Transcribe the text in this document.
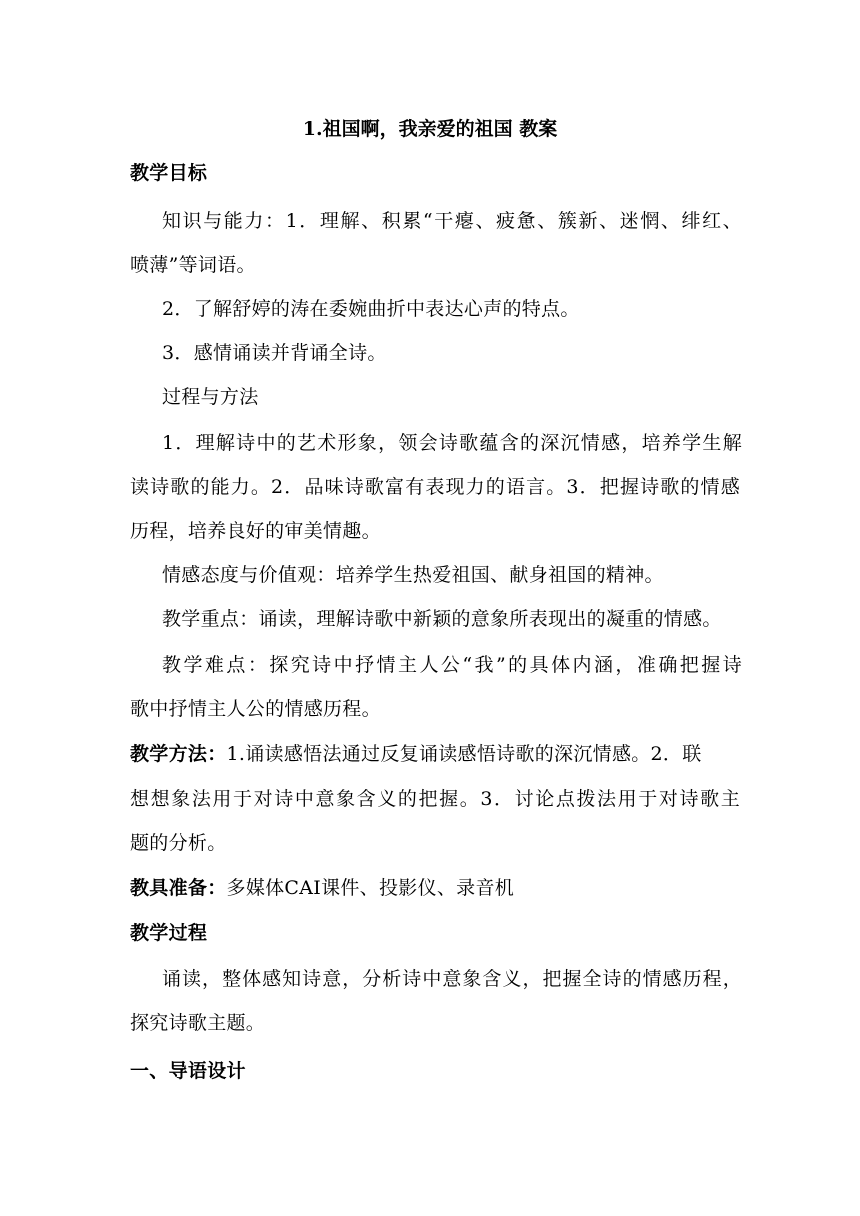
1.祖国啊，我亲爱的祖国 教案
教学目标
知识与能力：1．理解、积累“干瘪、疲惫、簇新、迷惘、绯红、
喷薄”等词语。
2．了解舒婷的涛在委婉曲折中表达心声的特点。
3．感情诵读并背诵全诗。
过程与方法
1．理解诗中的艺术形象，领会诗歌蕴含的深沉情感，培养学生解
读诗歌的能力。2．品味诗歌富有表现力的语言。3．把握诗歌的情感
历程，培养良好的审美情趣。
情感态度与价值观：培养学生热爱祖国、献身祖国的精神。
教学重点：诵读，理解诗歌中新颖的意象所表现出的凝重的情感。
教学难点：探究诗中抒情主人公“我”的具体内涵，准确把握诗
歌中抒情主人公的情感历程。
教学方法：1.诵读感悟法通过反复诵读感悟诗歌的深沉情感。2．联
想想象法用于对诗中意象含义的把握。3．讨论点拨法用于对诗歌主
题的分析。
教具准备：多媒体CAI课件、投影仪、录音机
教学过程
诵读，整体感知诗意，分析诗中意象含义，把握全诗的情感历程，
探究诗歌主题。
一、导语设计
